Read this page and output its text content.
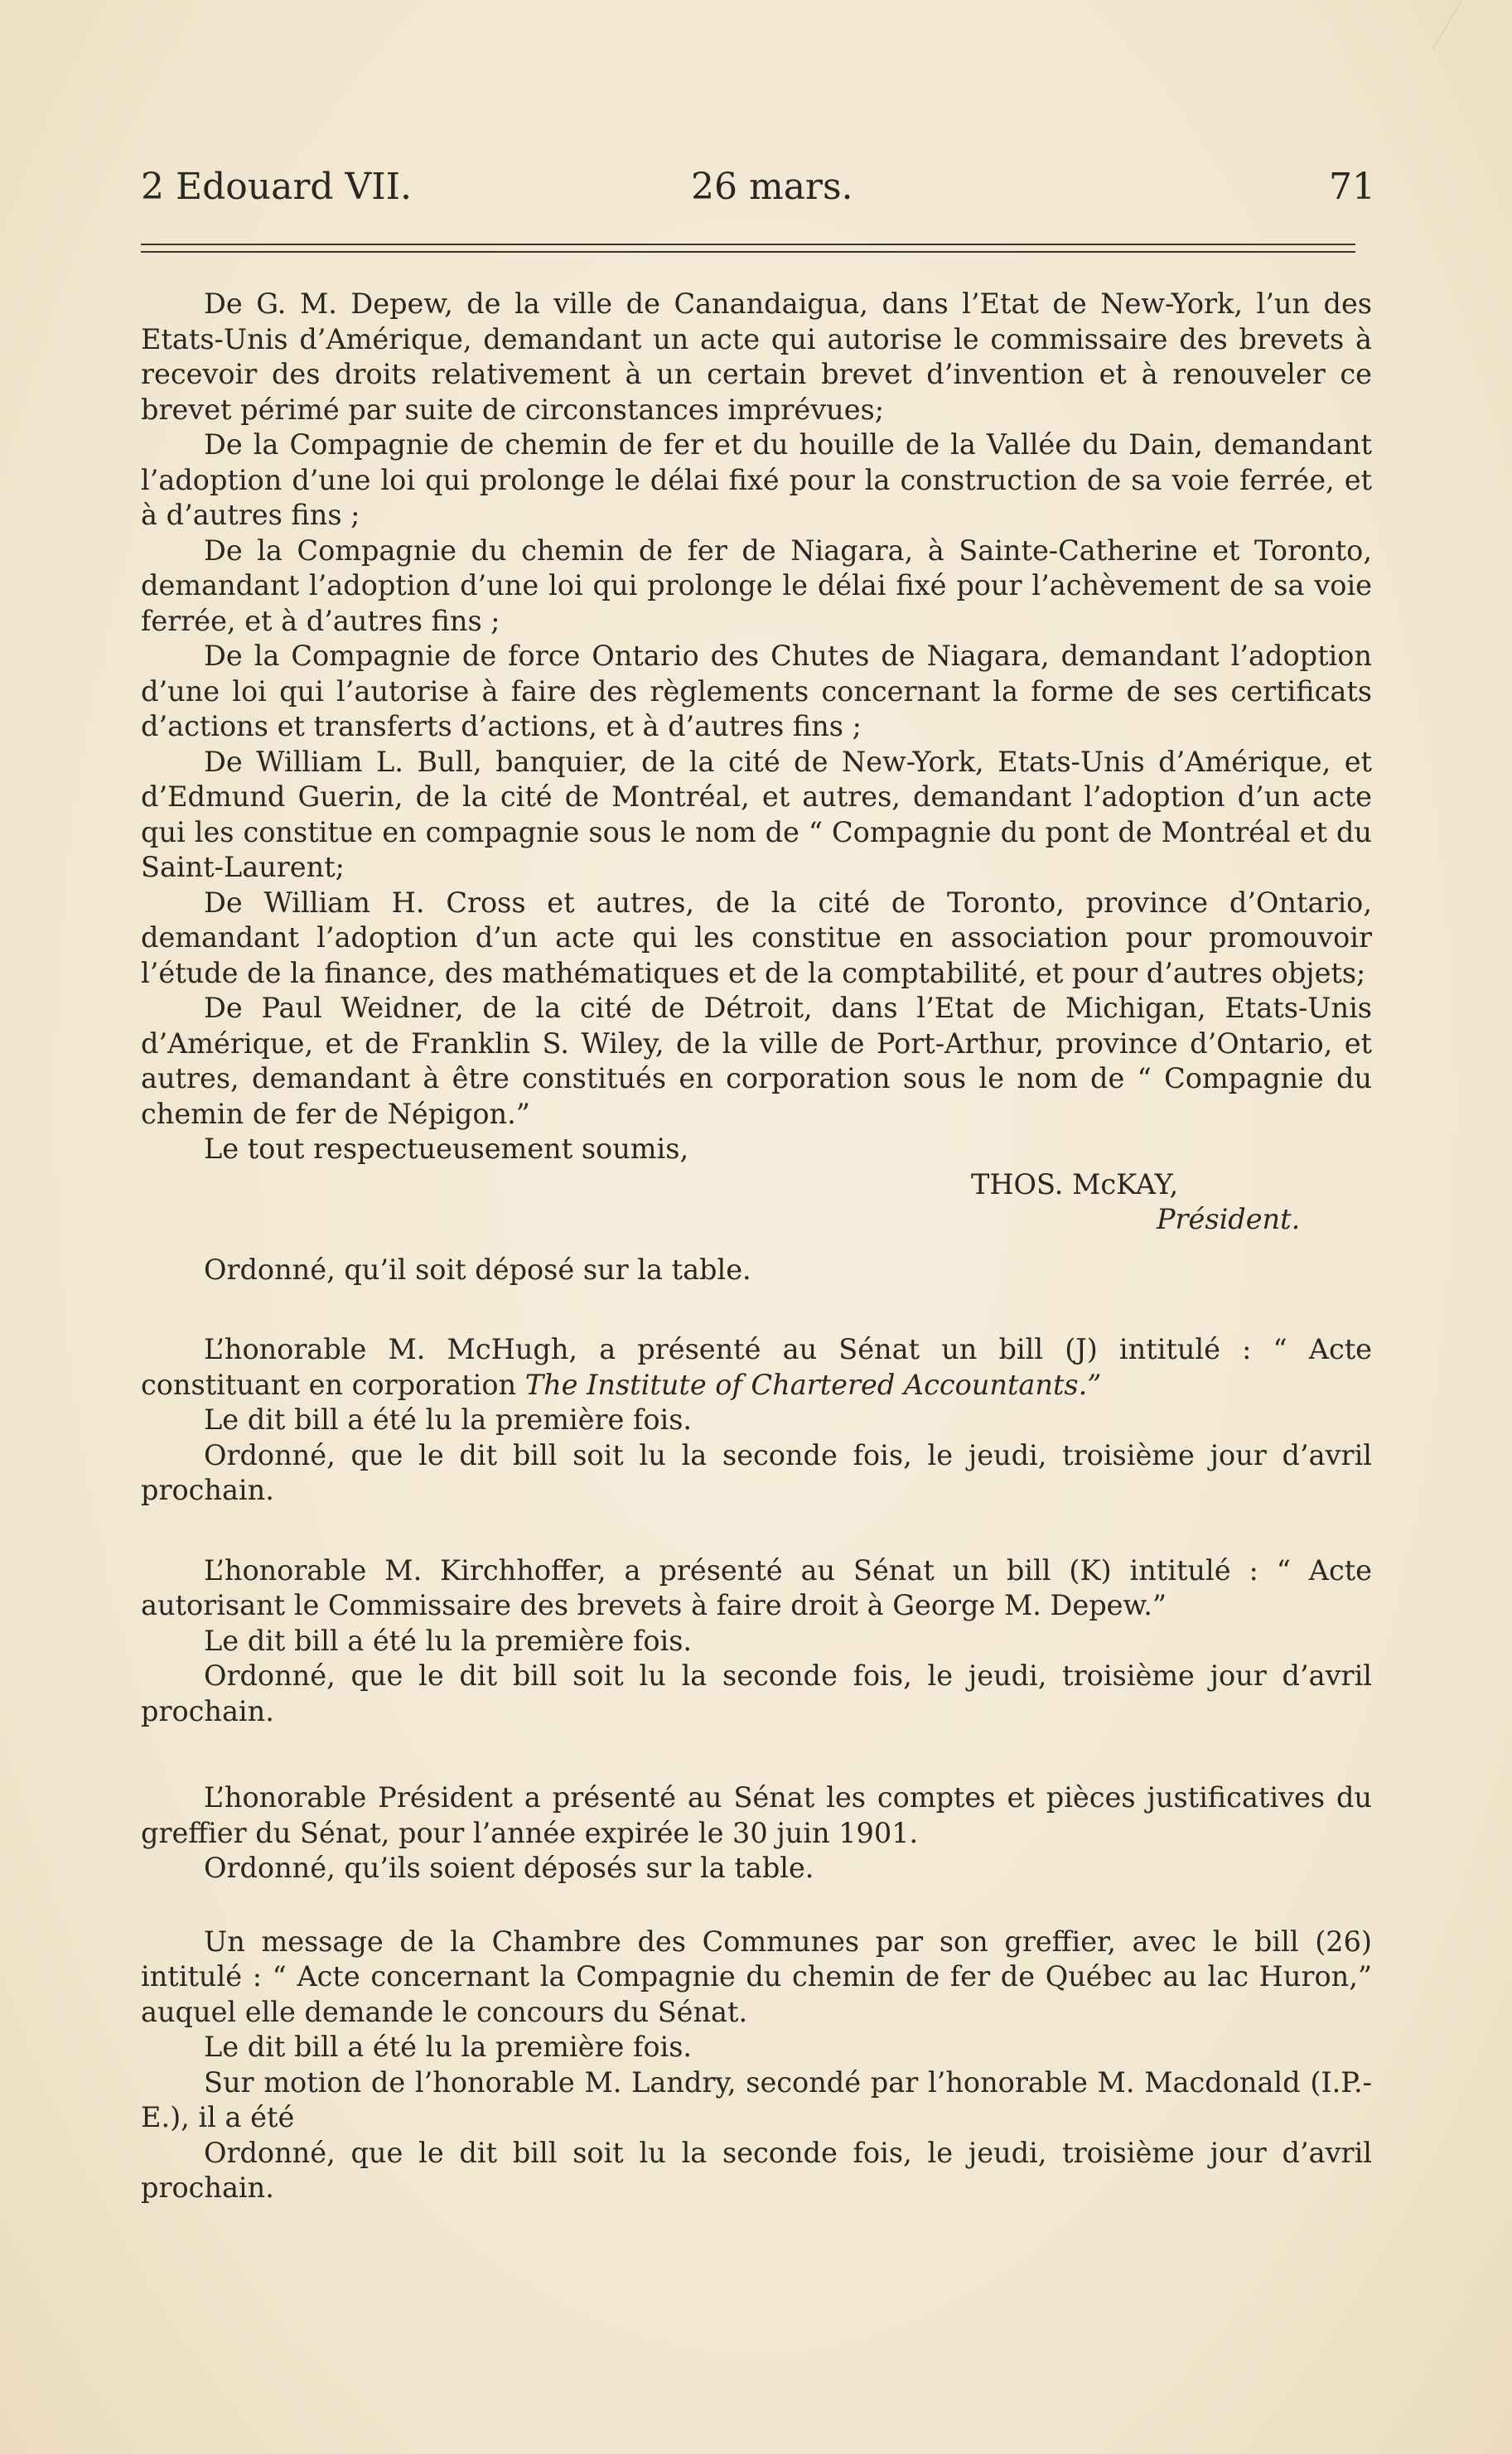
2 Edouard VII.	26 mars.	71

De G. M. Depew, de la ville de Canandaigua, dans l’Etat de New-York, l’un des Etats-Unis d’Amérique, demandant un acte qui autorise le commissaire des brevets à recevoir des droits relativement à un certain brevet d’invention et à renouveler ce brevet périmé par suite de circonstances imprévues;

De la Compagnie de chemin de fer et du houille de la Vallée du Dain, demandant l’adoption d’une loi qui prolonge le délai fixé pour la construction de sa voie ferrée, et à d’autres fins ;

De la Compagnie du chemin de fer de Niagara, à Sainte-Catherine et Toronto, demandant l’adoption d’une loi qui prolonge le délai fixé pour l’achèvement de sa voie ferrée, et à d’autres fins ;

De la Compagnie de force Ontario des Chutes de Niagara, demandant l’adoption d’une loi qui l’autorise à faire des règlements concernant la forme de ses certificats d’actions et transferts d’actions, et à d’autres fins ;

De William L. Bull, banquier, de la cité de New-York, Etats-Unis d’Amérique, et d’Edmund Guerin, de la cité de Montréal, et autres, demandant l’adoption d’un acte qui les constitue en compagnie sous le nom de “ Compagnie du pont de Montréal et du Saint-Laurent;

De William H. Cross et autres, de la cité de Toronto, province d’Ontario, demandant l’adoption d’un acte qui les constitue en association pour promouvoir l’étude de la finance, des mathématiques et de la comptabilité, et pour d’autres objets;

De Paul Weidner, de la cité de Détroit, dans l’Etat de Michigan, Etats-Unis d’Amérique, et de Franklin S. Wiley, de la ville de Port-Arthur, province d’Ontario, et autres, demandant à être constitués en corporation sous le nom de “ Compagnie du chemin de fer de Népigon.”

Le tout respectueusement soumis,

THOS. McKAY,

Président.

Ordonné, qu’il soit déposé sur la table.

L’honorable M. McHugh, a présenté au Sénat un bill (J) intitulé : “ Acte constituant en corporation The Institute of Chartered Accountants.”

Le dit bill a été lu la première fois.

Ordonné, que le dit bill soit lu la seconde fois, le jeudi, troisième jour d’avril prochain.

L’honorable M. Kirchhoffer, a présenté au Sénat un bill (K) intitulé : “ Acte autorisant le Commissaire des brevets à faire droit à George M. Depew.”

Le dit bill a été lu la première fois.

Ordonné, que le dit bill soit lu la seconde fois, le jeudi, troisième jour d’avril prochain.

L’honorable Président a présenté au Sénat les comptes et pièces justificatives du greffier du Sénat, pour l’année expirée le 30 juin 1901.

Ordonné, qu’ils soient déposés sur la table.

Un message de la Chambre des Communes par son greffier, avec le bill (26) intitulé : “ Acte concernant la Compagnie du chemin de fer de Québec au lac Huron,” auquel elle demande le concours du Sénat.

Le dit bill a été lu la première fois.

Sur motion de l’honorable M. Landry, secondé par l’honorable M. Macdonald (I.P.-E.), il a été

Ordonné, que le dit bill soit lu la seconde fois, le jeudi, troisième jour d’avril prochain.
